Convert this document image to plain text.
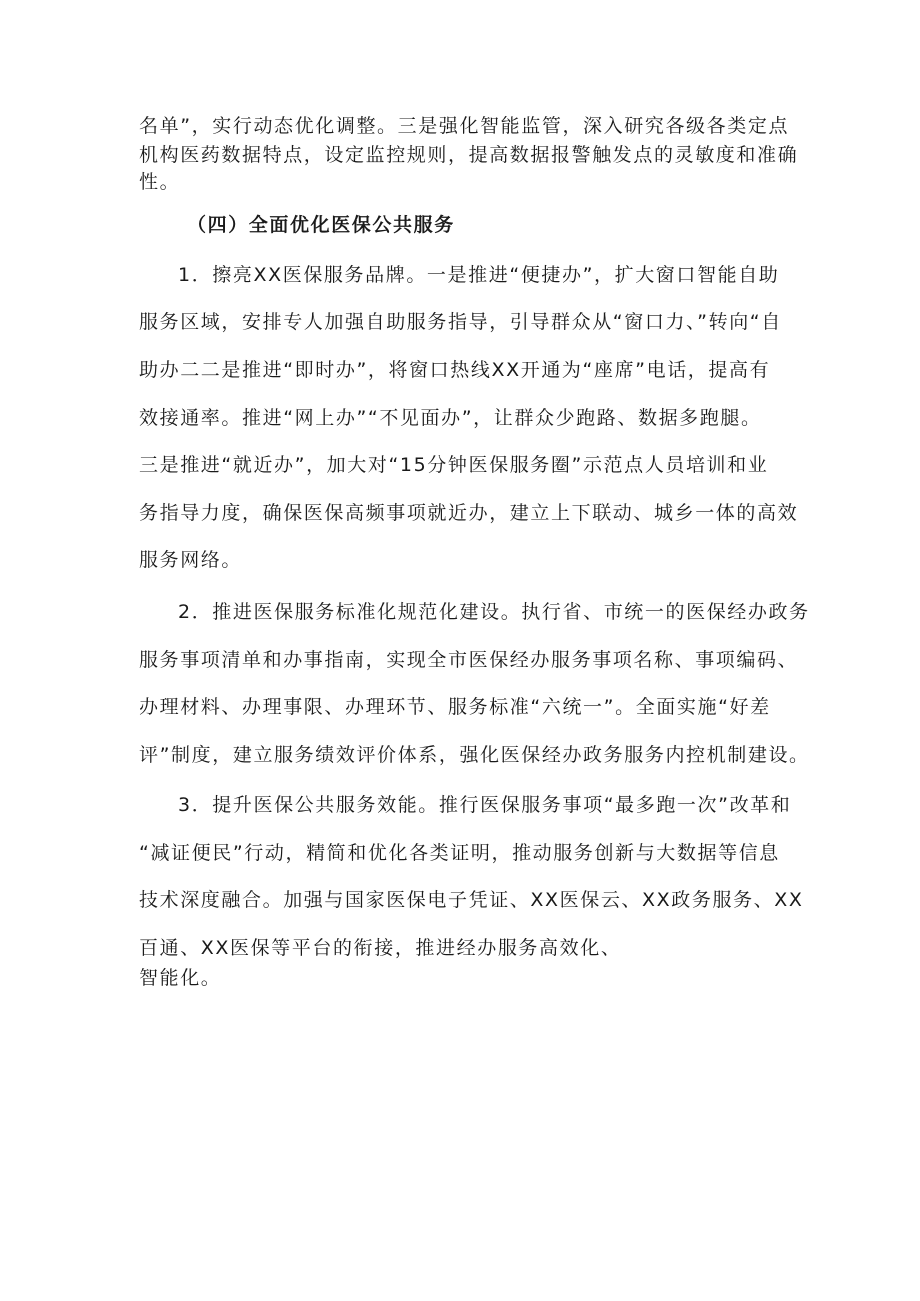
名单”，实行动态优化调整。三是强化智能监管，深入研究各级各类定点
机构医药数据特点，设定监控规则，提高数据报警触发点的灵敏度和准确
性。
（四）全面优化医保公共服务
1．擦亮XX医保服务品牌。一是推进“便捷办”，扩大窗口智能自助
服务区域，安排专人加强自助服务指导，引导群众从“窗口力、”转向“自
助办二二是推进“即时办”，将窗口热线XX开通为“座席”电话，提高有
效接通率。推进“网上办”“不见面办”，让群众少跑路、数据多跑腿。
三是推进“就近办”，加大对“15分钟医保服务圈”示范点人员培训和业
务指导力度，确保医保高频事项就近办，建立上下联动、城乡一体的高效
服务网络。
2．推进医保服务标准化规范化建设。执行省、市统一的医保经办政务
服务事项清单和办事指南，实现全市医保经办服务事项名称、事项编码、
办理材料、办理事限、办理环节、服务标准“六统一”。全面实施“好差
评”制度，建立服务绩效评价体系，强化医保经办政务服务内控机制建设。
3．提升医保公共服务效能。推行医保服务事项“最多跑一次”改革和
“减证便民”行动，精简和优化各类证明，推动服务创新与大数据等信息
技术深度融合。加强与国家医保电子凭证、XX医保云、XX政务服务、XX
百通、XX医保等平台的衔接，推进经办服务高效化、
智能化。
